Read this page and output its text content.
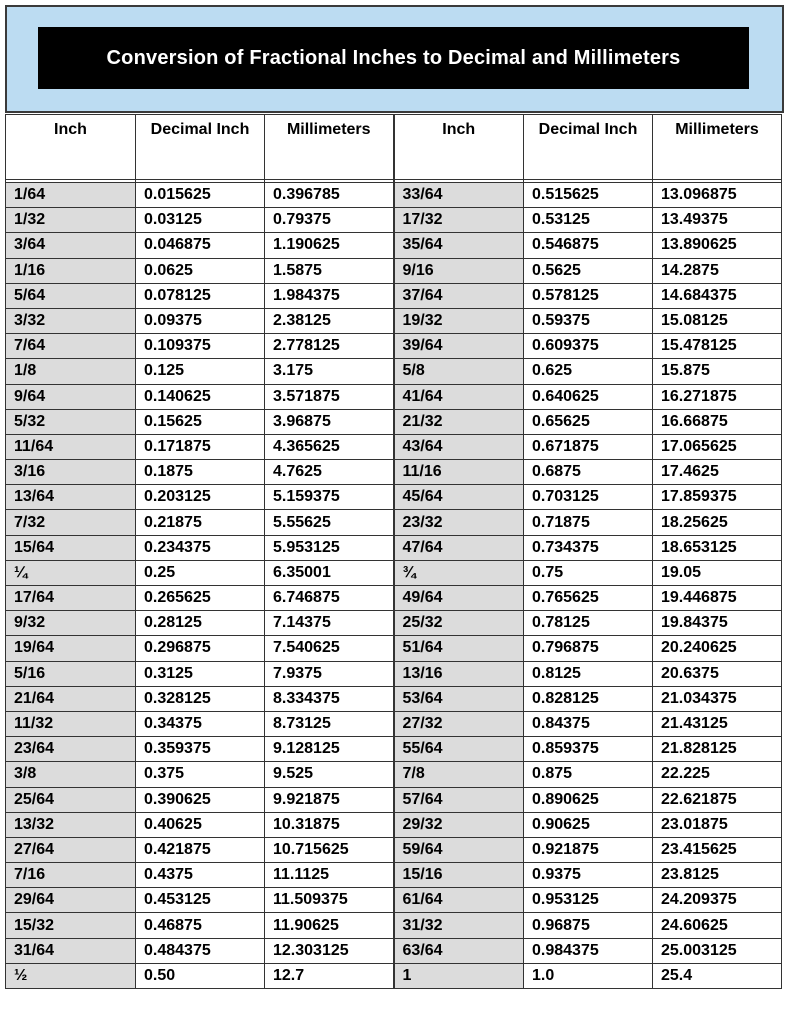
Conversion of Fractional Inches to Decimal and Millimeters
Inch	Decimal Inch	Millimeters	Inch	Decimal Inch	Millimeters

1/64	0.015625	0.396785	33/64	0.515625	13.096875
1/32	0.03125	0.79375	17/32	0.53125	13.49375
3/64	0.046875	1.190625	35/64	0.546875	13.890625
1/16	0.0625	1.5875	9/16	0.5625	14.2875
5/64	0.078125	1.984375	37/64	0.578125	14.684375
3/32	0.09375	2.38125	19/32	0.59375	15.08125
7/64	0.109375	2.778125	39/64	0.609375	15.478125
1/8	0.125	3.175	5/8	0.625	15.875
9/64	0.140625	3.571875	41/64	0.640625	16.271875
5/32	0.15625	3.96875	21/32	0.65625	16.66875
11/64	0.171875	4.365625	43/64	0.671875	17.065625
3/16	0.1875	4.7625	11/16	0.6875	17.4625
13/64	0.203125	5.159375	45/64	0.703125	17.859375
7/32	0.21875	5.55625	23/32	0.71875	18.25625
15/64	0.234375	5.953125	47/64	0.734375	18.653125
¼	0.25	6.35001	¾	0.75	19.05
17/64	0.265625	6.746875	49/64	0.765625	19.446875
9/32	0.28125	7.14375	25/32	0.78125	19.84375
19/64	0.296875	7.540625	51/64	0.796875	20.240625
5/16	0.3125	7.9375	13/16	0.8125	20.6375
21/64	0.328125	8.334375	53/64	0.828125	21.034375
11/32	0.34375	8.73125	27/32	0.84375	21.43125
23/64	0.359375	9.128125	55/64	0.859375	21.828125
3/8	0.375	9.525	7/8	0.875	22.225
25/64	0.390625	9.921875	57/64	0.890625	22.621875
13/32	0.40625	10.31875	29/32	0.90625	23.01875
27/64	0.421875	10.715625	59/64	0.921875	23.415625
7/16	0.4375	11.1125	15/16	0.9375	23.8125
29/64	0.453125	11.509375	61/64	0.953125	24.209375
15/32	0.46875	11.90625	31/32	0.96875	24.60625
31/64	0.484375	12.303125	63/64	0.984375	25.003125
½	0.50	12.7	1	1.0	25.4
